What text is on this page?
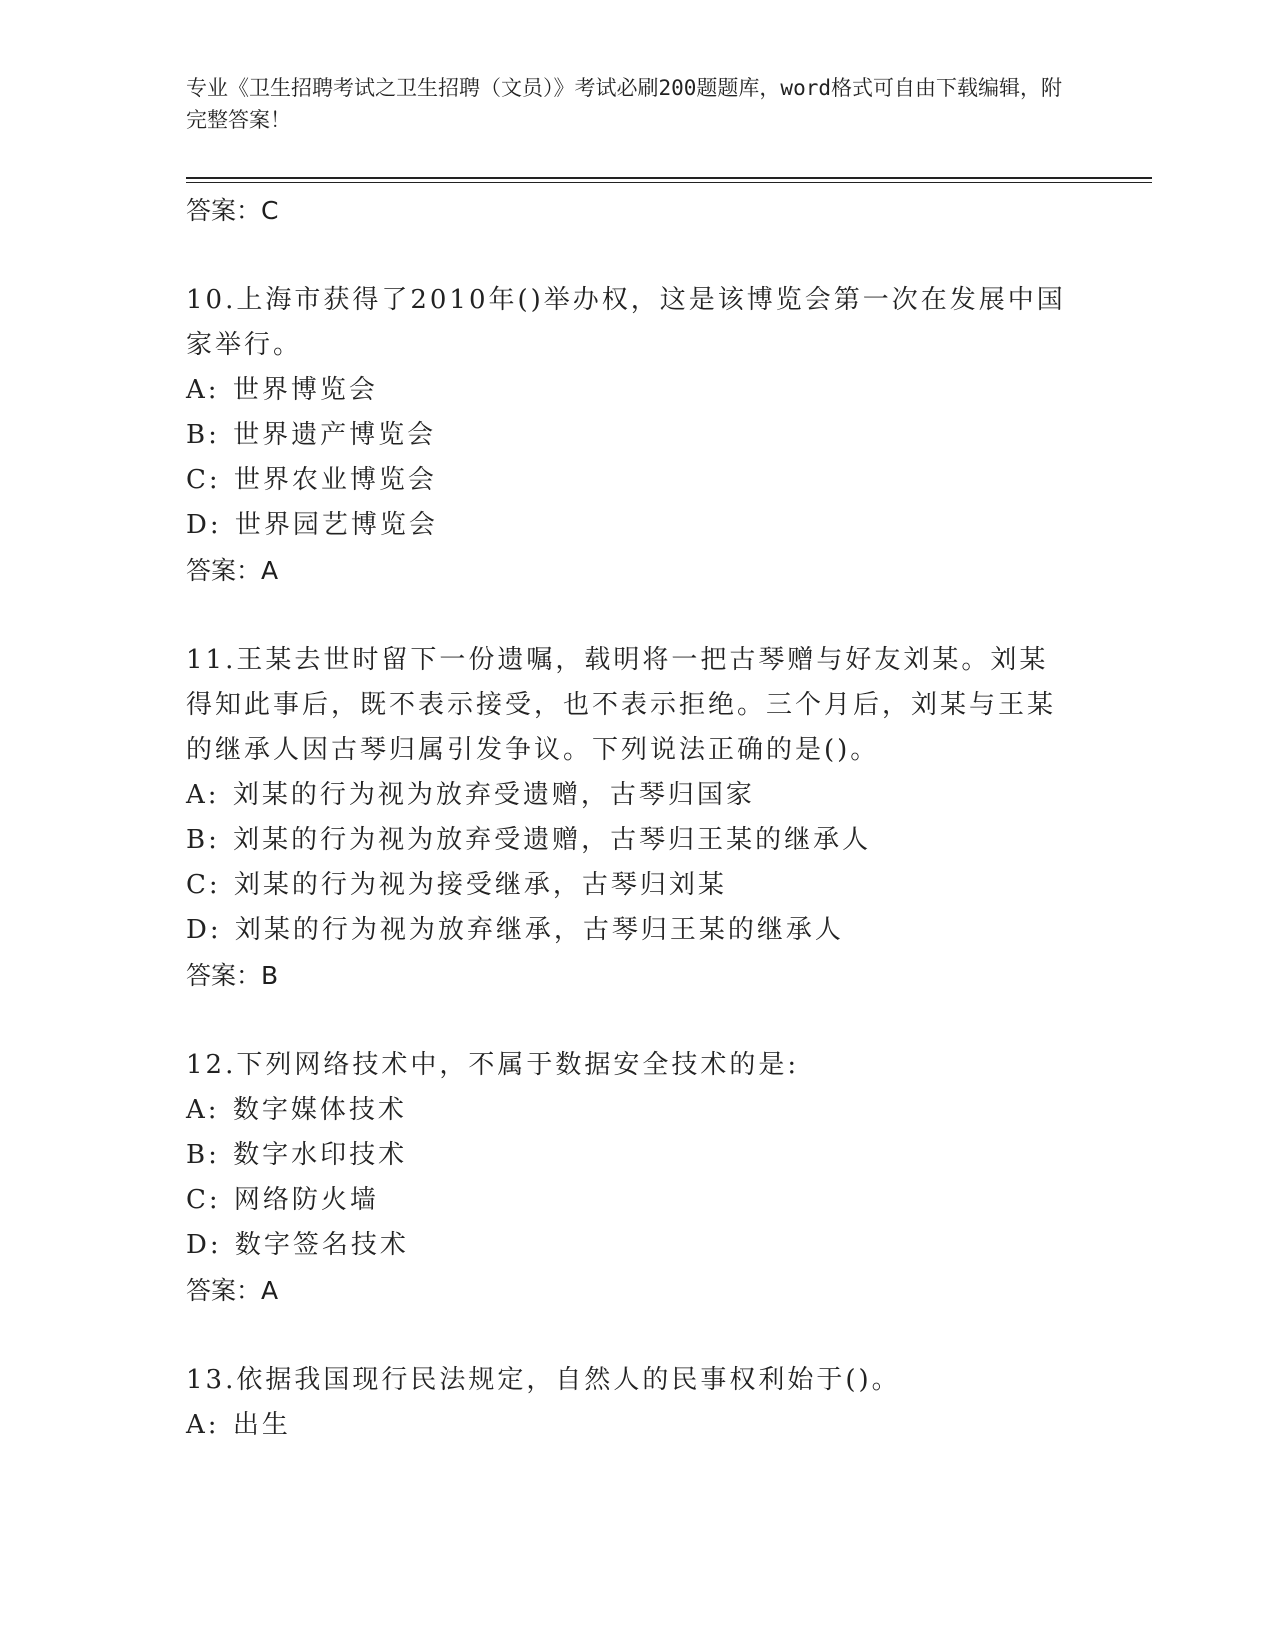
专业《卫生招聘考试之卫生招聘（文员）》考试必刷200题题库，word格式可自由下载编辑，附完整答案！
答案：C
10.上海市获得了2010年()举办权，这是该博览会第一次在发展中国家举行。
A: 世界博览会
B: 世界遗产博览会
C: 世界农业博览会
D: 世界园艺博览会
答案：A
11.王某去世时留下一份遗嘱，载明将一把古琴赠与好友刘某。刘某得知此事后，既不表示接受，也不表示拒绝。三个月后，刘某与王某的继承人因古琴归属引发争议。下列说法正确的是()。
A: 刘某的行为视为放弃受遗赠，古琴归国家
B: 刘某的行为视为放弃受遗赠，古琴归王某的继承人
C: 刘某的行为视为接受继承，古琴归刘某
D: 刘某的行为视为放弃继承，古琴归王某的继承人
答案：B
12.下列网络技术中，不属于数据安全技术的是:
A: 数字媒体技术
B: 数字水印技术
C: 网络防火墙
D: 数字签名技术
答案：A
13.依据我国现行民法规定，自然人的民事权利始于()。
A: 出生
